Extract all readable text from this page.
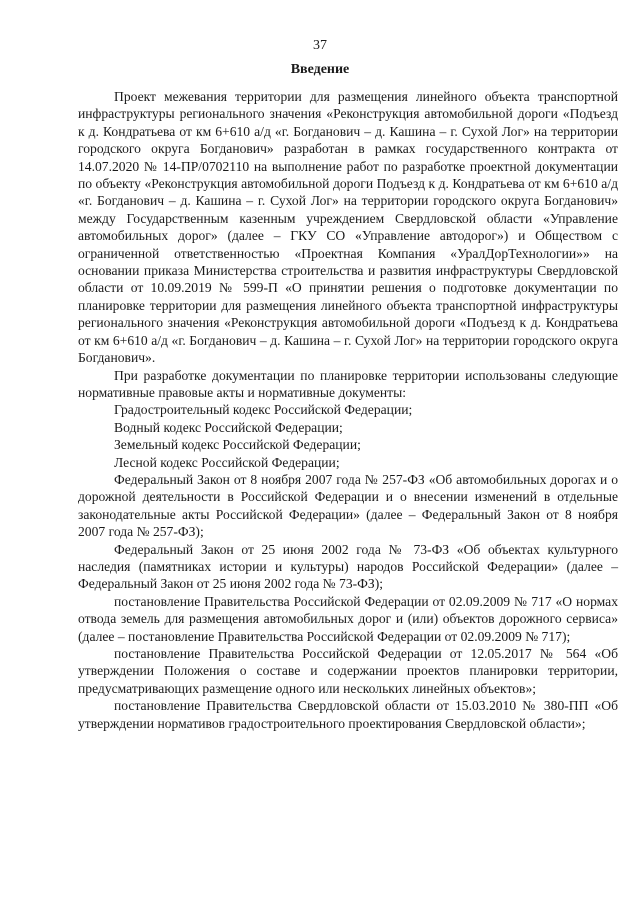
37
Введение

Проект межевания территории для размещения линейного объекта транспортной инфраструктуры регионального значения «Реконструкция автомобильной дороги «Подъезд к д. Кондратьева от км 6+610 а/д «г. Богданович – д. Кашина – г. Сухой Лог» на территории городского округа Богданович» разработан в рамках государственного контракта от 14.07.2020 № 14-ПР/0702110 на выполнение работ по разработке проектной документации по объекту «Реконструкция автомобильной дороги Подъезд к д. Кондратьева от км 6+610 а/д «г. Богданович – д. Кашина – г. Сухой Лог» на территории городского округа Богданович» между Государственным казенным учреждением Свердловской области «Управление автомобильных дорог» (далее – ГКУ СО «Управление автодорог») и Обществом с ограниченной ответственностью «Проектная Компания «УралДорТехнологии»» на основании приказа Министерства строительства и развития инфраструктуры Свердловской области от 10.09.2019 № 599-П «О принятии решения о подготовке документации по планировке территории для размещения линейного объекта транспортной инфраструктуры регионального значения «Реконструкция автомобильной дороги «Подъезд к д. Кондратьева от км 6+610 а/д «г. Богданович – д. Кашина – г. Сухой Лог» на территории городского округа Богданович».

При разработке документации по планировке территории использованы следующие нормативные правовые акты и нормативные документы:

Градостроительный кодекс Российской Федерации;

Водный кодекс Российской Федерации;

Земельный кодекс Российской Федерации;

Лесной кодекс Российской Федерации;

Федеральный Закон от 8 ноября 2007 года № 257-ФЗ «Об автомобильных дорогах и о дорожной деятельности в Российской Федерации и о внесении изменений в отдельные законодательные акты Российской Федерации» (далее – Федеральный Закон от 8 ноября 2007 года № 257-ФЗ);

Федеральный Закон от 25 июня 2002 года № 73-ФЗ «Об объектах культурного наследия (памятниках истории и культуры) народов Российской Федерации» (далее – Федеральный Закон от 25 июня 2002 года № 73-ФЗ);

постановление Правительства Российской Федерации от 02.09.2009 № 717 «О нормах отвода земель для размещения автомобильных дорог и (или) объектов дорожного сервиса» (далее – постановление Правительства Российской Федерации от 02.09.2009 № 717);

постановление Правительства Российской Федерации от 12.05.2017 № 564 «Об утверждении Положения о составе и содержании проектов планировки территории, предусматривающих размещение одного или нескольких линейных объектов»;

постановление Правительства Свердловской области от 15.03.2010 № 380-ПП «Об утверждении нормативов градостроительного проектирования Свердловской области»;
